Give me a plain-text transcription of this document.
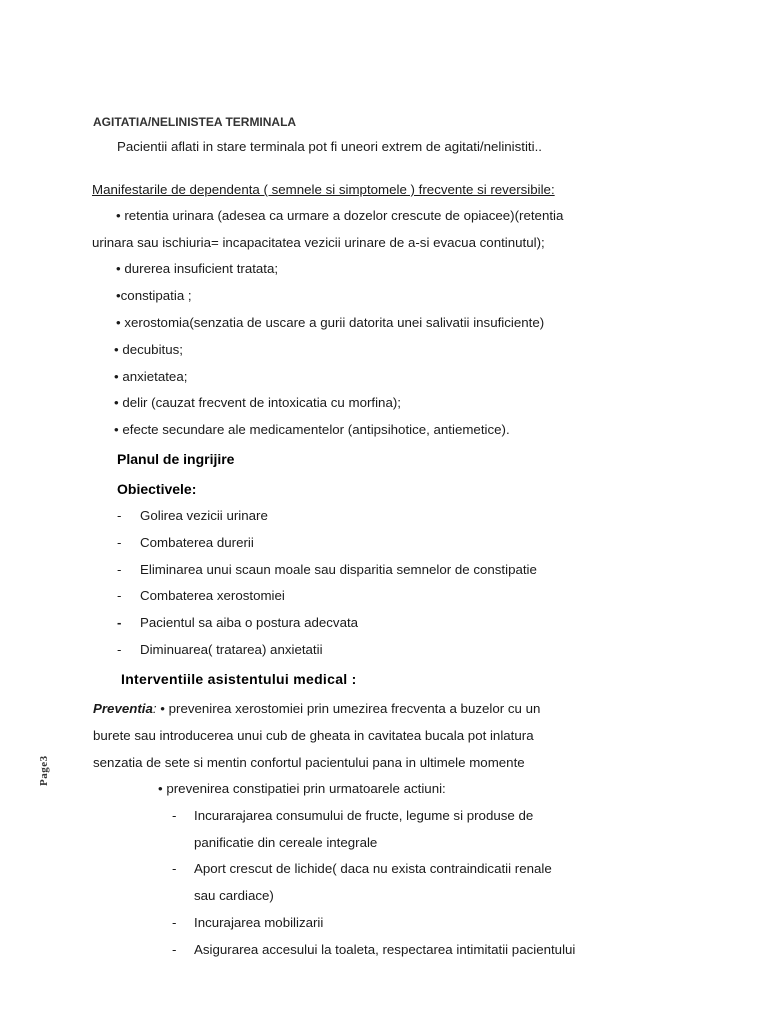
AGITATIA/NELINISTEA TERMINALA
Pacientii aflati in stare terminala pot fi uneori extrem de agitati/nelinistiti..
Manifestarile de dependenta ( semnele si simptomele ) frecvente si reversibile:
• retentia urinara (adesea ca urmare a dozelor crescute de opiacee)(retentia
urinara sau ischiuria= incapacitatea vezicii urinare de a-si evacua continutul);
• durerea insuficient tratata;
•constipatia ;
• xerostomia(senzatia de uscare a gurii datorita unei salivatii insuficiente)
• decubitus;
• anxietatea;
• delir (cauzat frecvent de intoxicatia cu morfina);
• efecte secundare ale medicamentelor (antipsihotice, antiemetice).
Planul de ingrijire
Obiectivele:
-	Golirea vezicii urinare
-	Combaterea durerii
-	Eliminarea unui scaun moale sau disparitia semnelor de constipatie
-	Combaterea xerostomiei
-	Pacientul sa aiba o postura adecvata
-	Diminuarea( tratarea) anxietatii
Interventiile asistentului medical :
Preventia: • prevenirea xerostomiei prin umezirea frecventa a buzelor cu un
burete sau introducerea unui cub de gheata in cavitatea bucala pot inlatura
senzatia de sete si mentin confortul pacientului pana in ultimele momente
• prevenirea constipatiei prin urmatoarele actiuni:
-	Incurarajarea consumului de fructe, legume si produse de
panificatie din cereale integrale
-	Aport crescut de lichide( daca nu exista contraindicatii renale
sau cardiace)
-	Incurajarea mobilizarii
-	Asigurarea accesului la toaleta, respectarea intimitatii pacientului
Page3
